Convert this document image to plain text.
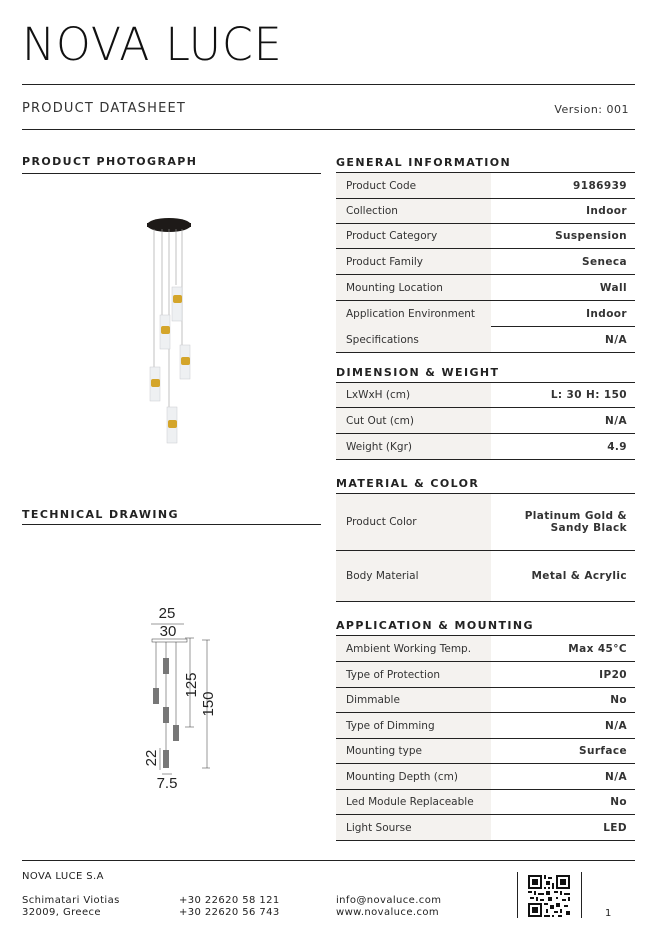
NOVA LUCE
PRODUCT DATASHEET	Version: 001
PRODUCT PHOTOGRAPH
TECHNICAL DRAWING
25
30
125
150
22
7.5
GENERAL INFORMATION
Product Code	9186939
Collection	Indoor
Product Category	Suspension
Product Family	Seneca
Mounting Location	Wall
Application Environment	Indoor
Specifications	N/A
DIMENSION & WEIGHT
LxWxH (cm)	L: 30 H: 150
Cut Out (cm)	N/A
Weight (Kgr)	4.9
MATERIAL & COLOR
Product Color	Platinum Gold & Sandy Black
Body Material	Metal & Acrylic
APPLICATION & MOUNTING
Ambient Working Temp.	Max 45°C
Type of Protection	IP20
Dimmable	No
Type of Dimming	N/A
Mounting type	Surface
Mounting Depth (cm)	N/A
Led Module Replaceable	No
Light Sourse	LED
NOVA LUCE S.A
Schimatari Viotias
32009, Greece
+30 22620 58 121
+30 22620 56 743
info@novaluce.com
www.novaluce.com	1
